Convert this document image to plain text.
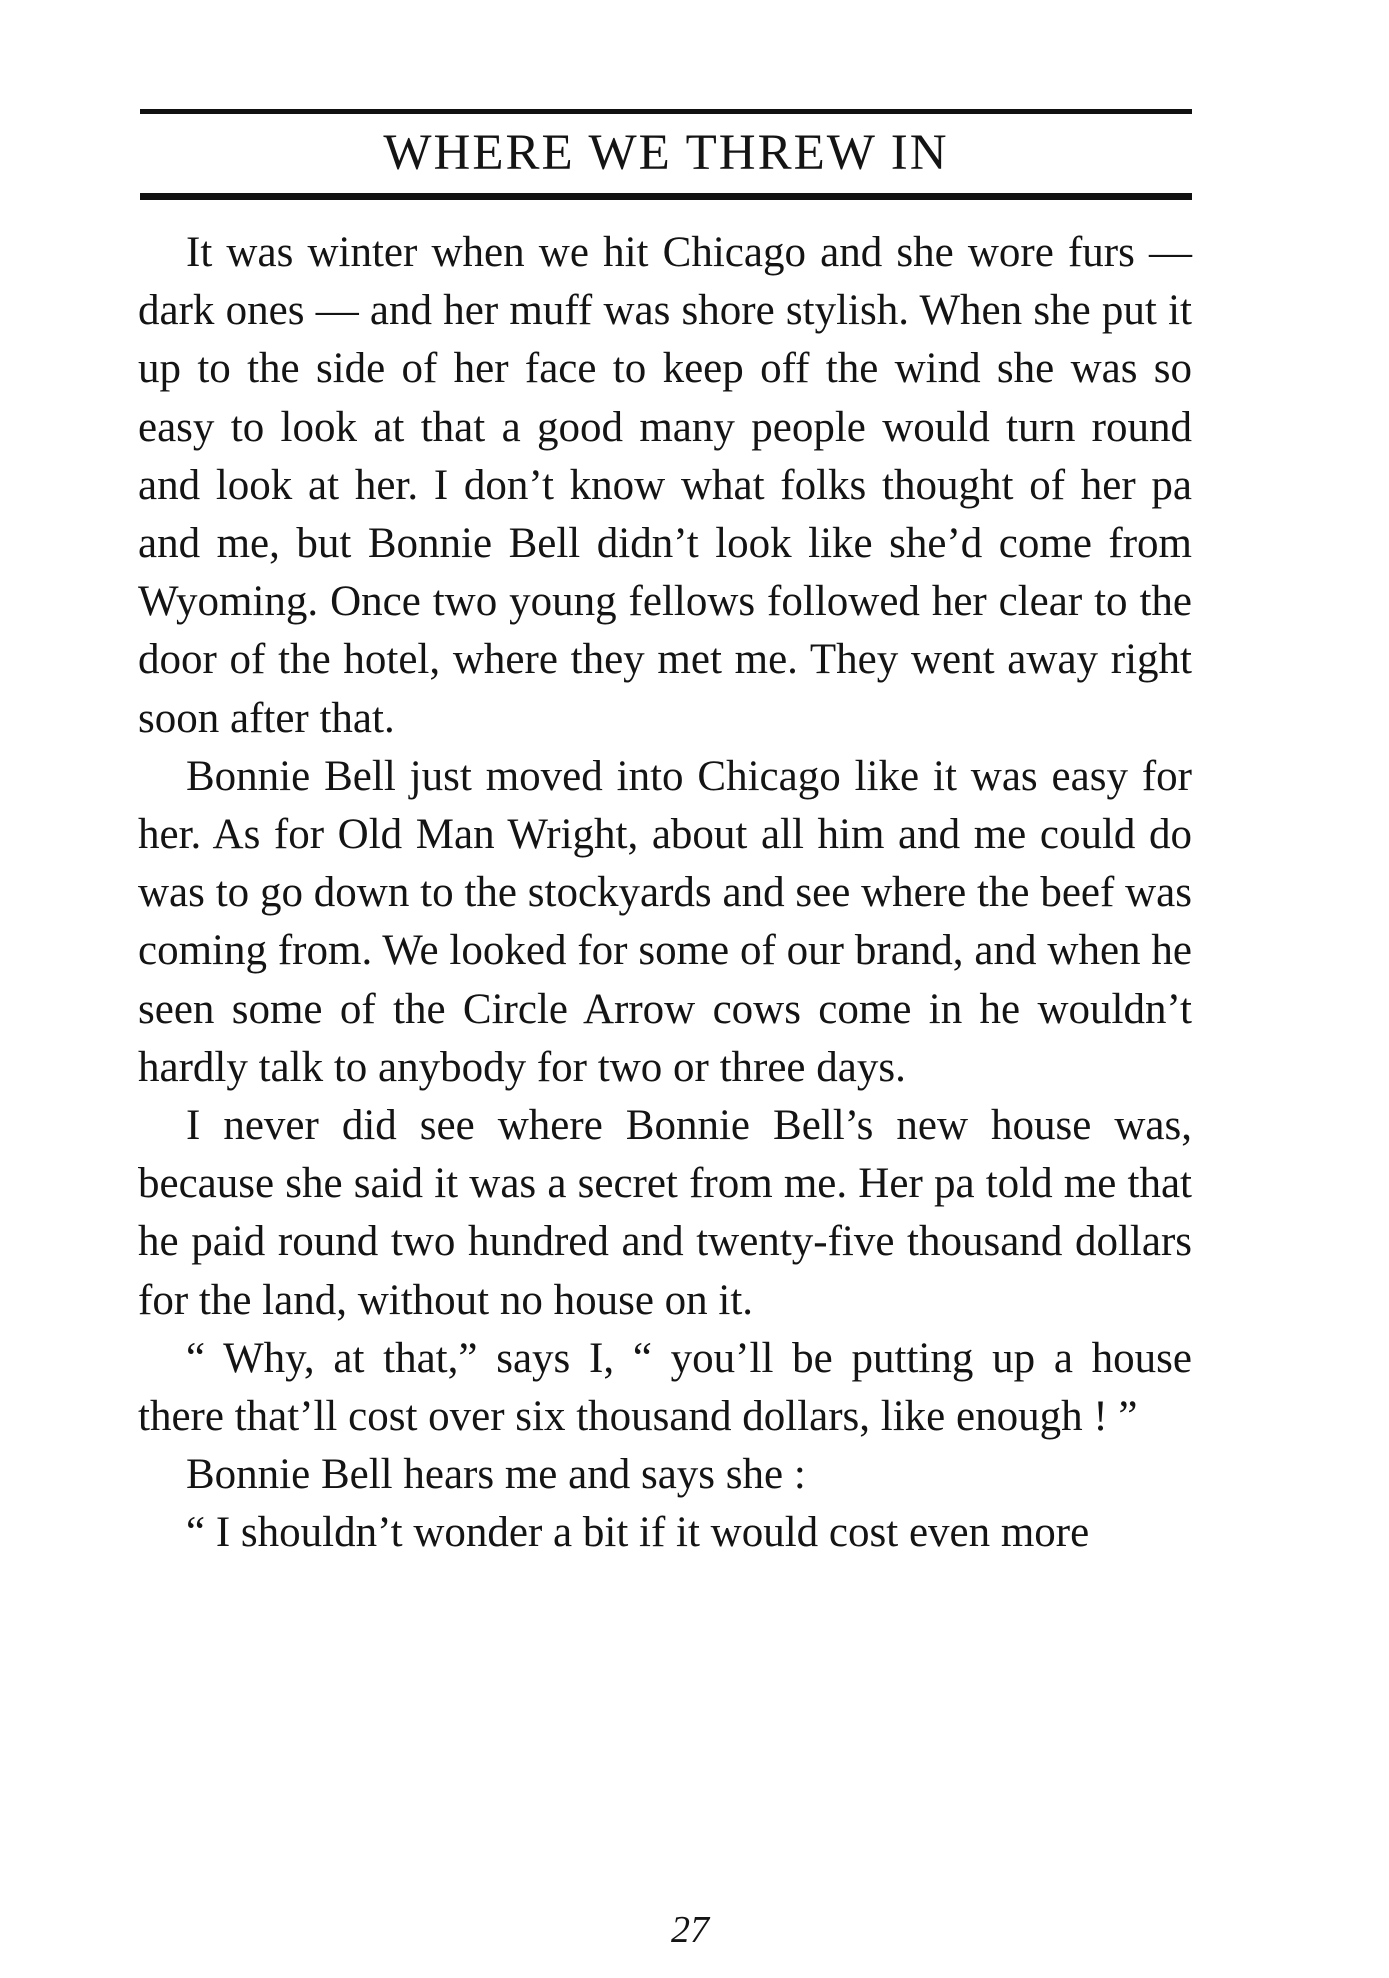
WHERE WE THREW IN

It was winter when we hit Chicago and she wore furs — dark ones — and her muff was shore stylish. When she put it up to the side of her face to keep off the wind she was so easy to look at that a good many people would turn round and look at her. I don’t know what folks thought of her pa and me, but Bonnie Bell didn’t look like she’d come from Wyoming. Once two young fellows followed her clear to the door of the hotel, where they met me. They went away right soon after that.

Bonnie Bell just moved into Chicago like it was easy for her. As for Old Man Wright, about all him and me could do was to go down to the stockyards and see where the beef was coming from. We looked for some of our brand, and when he seen some of the Circle Arrow cows come in he wouldn’t hardly talk to anybody for two or three days.

I never did see where Bonnie Bell’s new house was, because she said it was a secret from me. Her pa told me that he paid round two hundred and twenty-five thousand dollars for the land, without no house on it.

“ Why, at that,” says I, “ you’ll be putting up a house there that’ll cost over six thousand dollars, like enough ! ”

Bonnie Bell hears me and says she :

“ I shouldn’t wonder a bit if it would cost even more

27
